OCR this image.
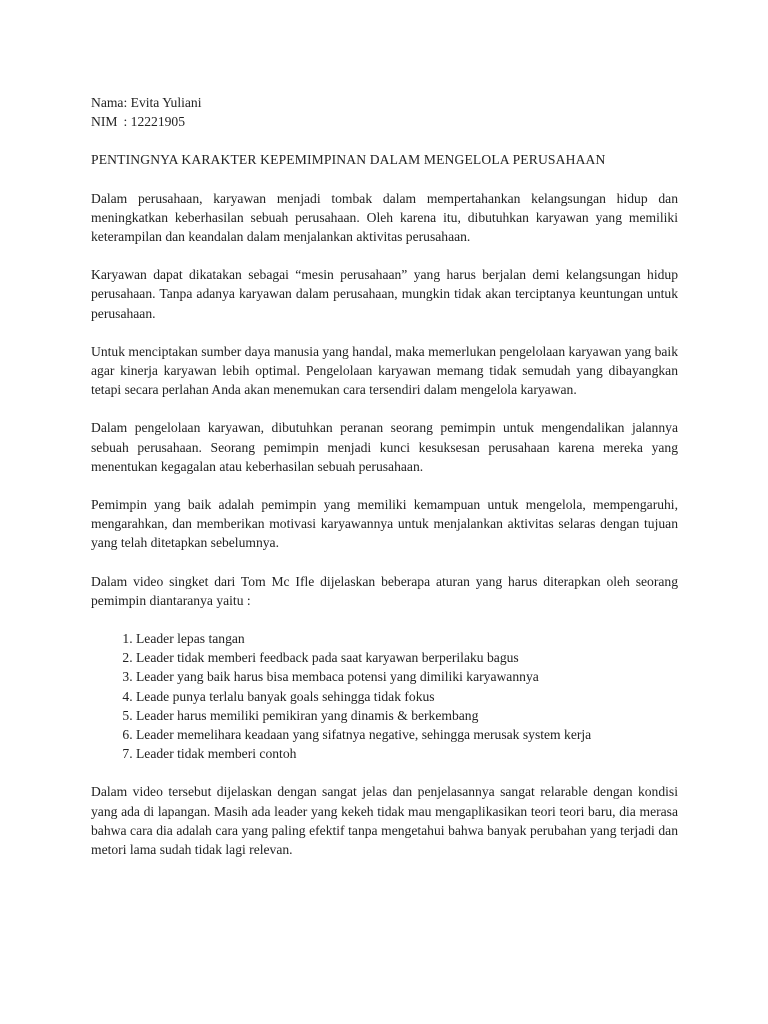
Nama	: Evita Yuliani
NIM	: 12221905
PENTINGNYA KARAKTER KEPEMIMPINAN DALAM MENGELOLA PERUSAHAAN

Dalam perusahaan, karyawan menjadi tombak dalam mempertahankan kelangsungan hidup dan meningkatkan keberhasilan sebuah perusahaan. Oleh karena itu, dibutuhkan karyawan yang memiliki keterampilan dan keandalan dalam menjalankan aktivitas perusahaan.

Karyawan dapat dikatakan sebagai “mesin perusahaan” yang harus berjalan demi kelangsungan hidup perusahaan. Tanpa adanya karyawan dalam perusahaan, mungkin tidak akan terciptanya keuntungan untuk perusahaan.

Untuk menciptakan sumber daya manusia yang handal, maka memerlukan pengelolaan karyawan yang baik agar kinerja karyawan lebih optimal. Pengelolaan karyawan memang tidak semudah yang dibayangkan tetapi secara perlahan Anda akan menemukan cara tersendiri dalam mengelola karyawan.

Dalam pengelolaan karyawan, dibutuhkan peranan seorang pemimpin untuk mengendalikan jalannya sebuah perusahaan. Seorang pemimpin menjadi kunci kesuksesan perusahaan karena mereka yang menentukan kegagalan atau keberhasilan sebuah perusahaan.

Pemimpin yang baik adalah pemimpin yang memiliki kemampuan untuk mengelola, mempengaruhi, mengarahkan, dan memberikan motivasi karyawannya untuk menjalankan aktivitas selaras dengan tujuan yang telah ditetapkan sebelumnya.

Dalam video singket dari Tom Mc Ifle dijelaskan beberapa aturan yang harus diterapkan oleh seorang pemimpin diantaranya yaitu :

1. Leader lepas tangan
2. Leader tidak memberi feedback pada saat karyawan berperilaku bagus
3. Leader yang baik harus bisa membaca potensi yang dimiliki karyawannya
4. Leade punya terlalu banyak goals sehingga tidak fokus
5. Leader harus memiliki pemikiran yang dinamis & berkembang
6. Leader memelihara keadaan yang sifatnya negative, sehingga merusak system kerja
7. Leader tidak memberi contoh

Dalam video tersebut dijelaskan dengan sangat jelas dan penjelasannya sangat relarable dengan kondisi yang ada di lapangan. Masih ada leader yang kekeh tidak mau mengaplikasikan teori teori baru, dia merasa bahwa cara dia adalah cara yang paling efektif tanpa mengetahui bahwa banyak perubahan yang terjadi dan metori lama sudah tidak lagi relevan.
